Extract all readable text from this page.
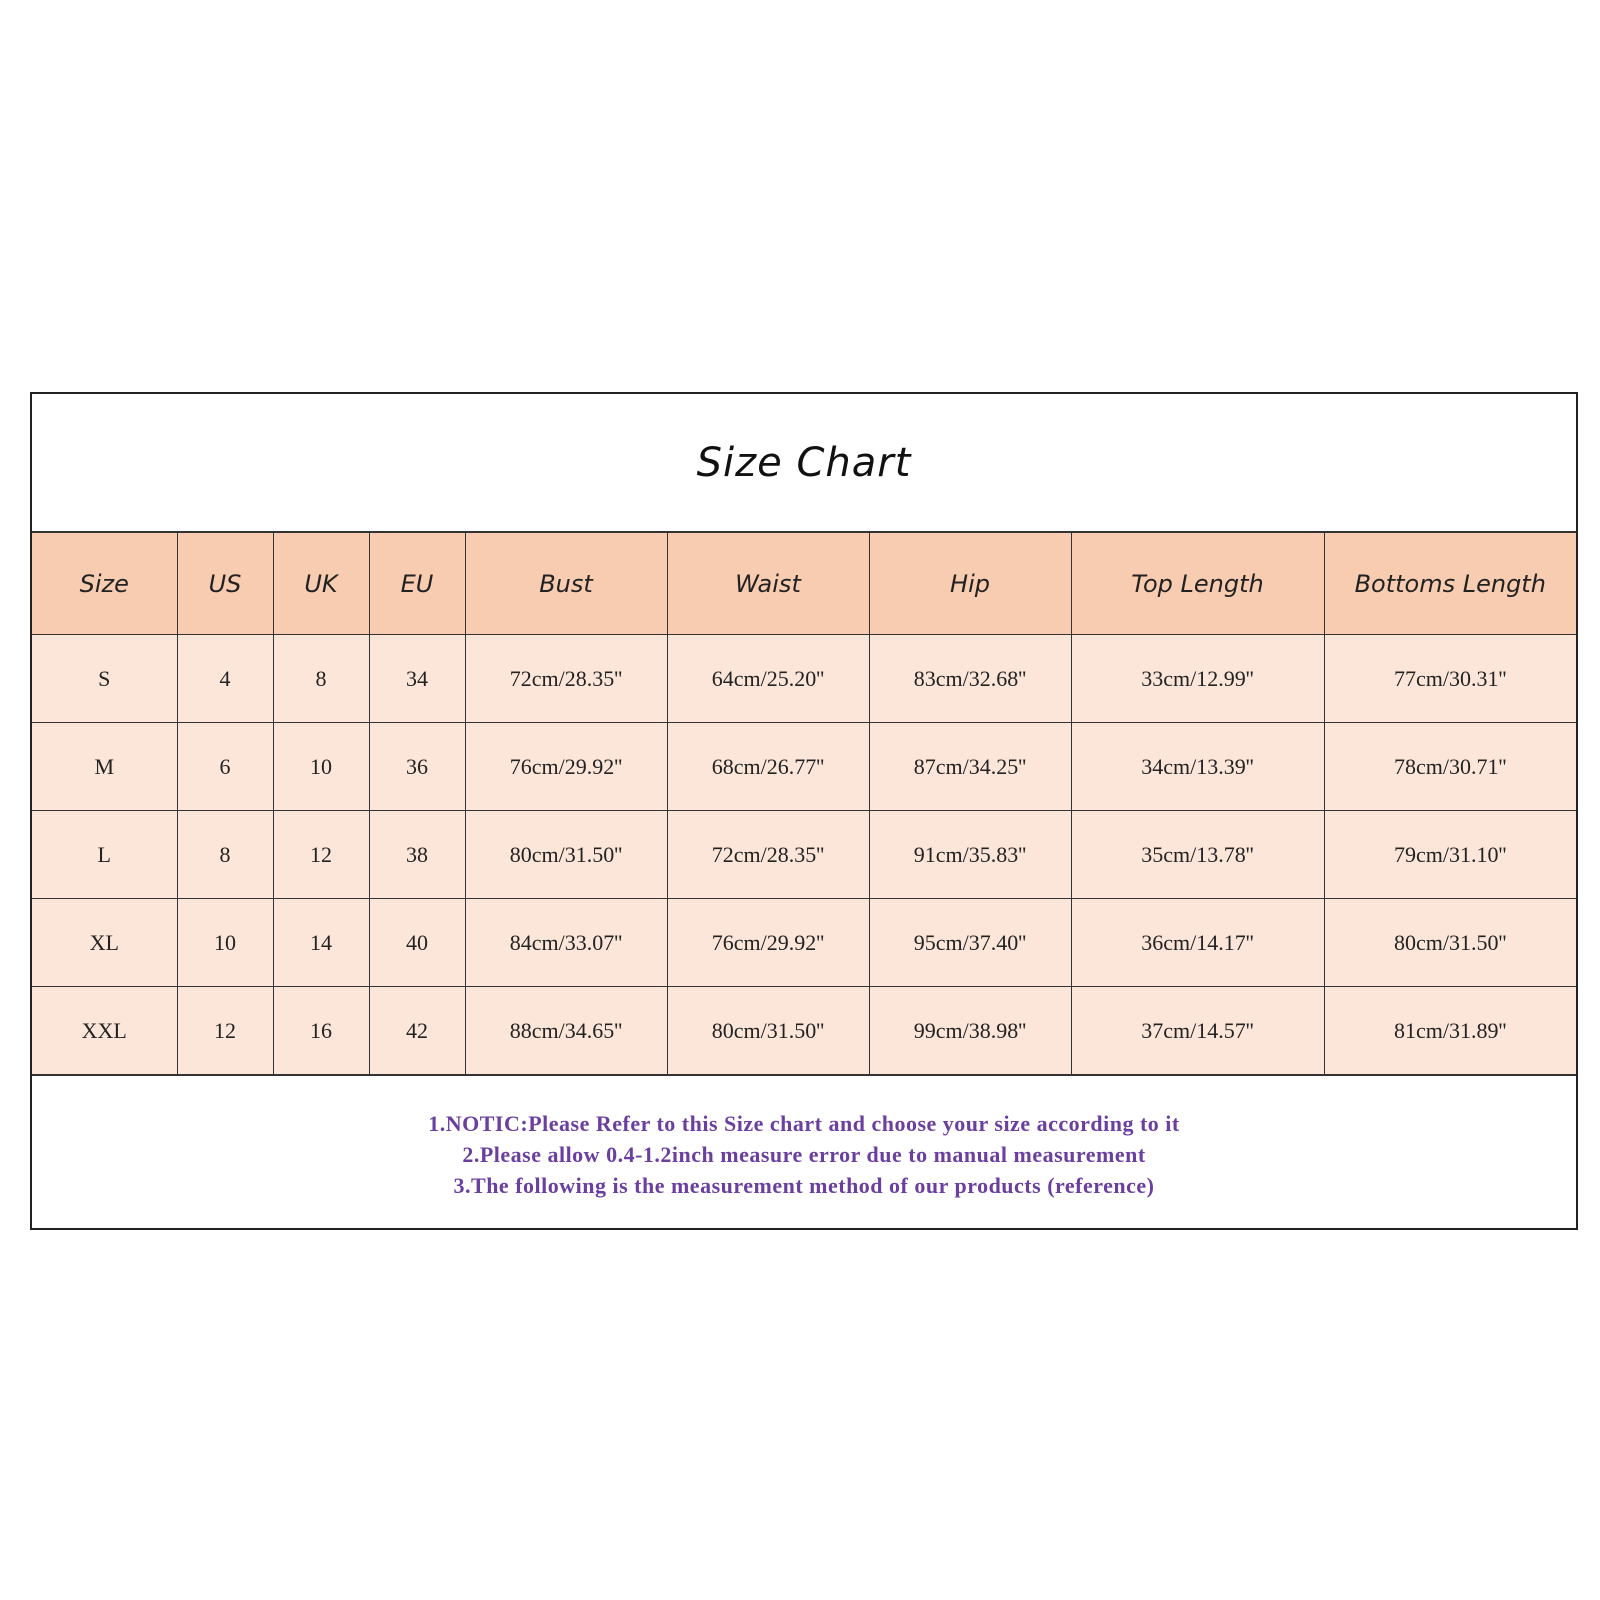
Size Chart
Size	US	UK	EU	Bust	Waist	Hip	Top Length	Bottoms Length
S	4	8	34	72cm/28.35''	64cm/25.20''	83cm/32.68''	33cm/12.99''	77cm/30.31''
M	6	10	36	76cm/29.92''	68cm/26.77''	87cm/34.25''	34cm/13.39''	78cm/30.71''
L	8	12	38	80cm/31.50''	72cm/28.35''	91cm/35.83''	35cm/13.78''	79cm/31.10''
XL	10	14	40	84cm/33.07''	76cm/29.92''	95cm/37.40''	36cm/14.17''	80cm/31.50''
XXL	12	16	42	88cm/34.65''	80cm/31.50''	99cm/38.98''	37cm/14.57''	81cm/31.89''
1.NOTIC:Please Refer to this Size chart and choose your size according to it
2.Please allow 0.4-1.2inch measure error due to manual measurement
3.The following is the measurement method of our products (reference)
